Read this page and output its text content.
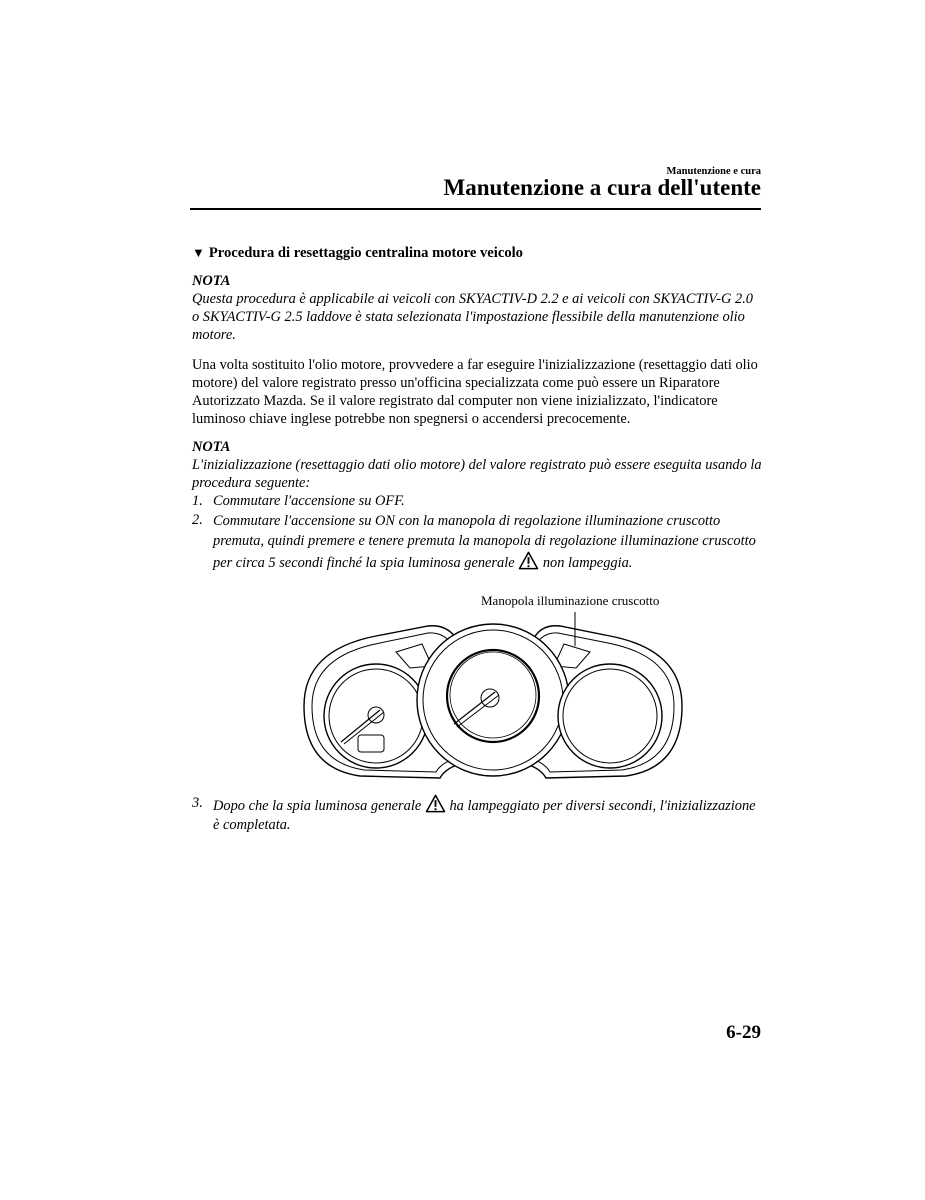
Manutenzione e cura
Manutenzione a cura dell'utente
▼ Procedura di resettaggio centralina motore veicolo
NOTA
Questa procedura è applicabile ai veicoli con SKYACTIV-D 2.2 e ai veicoli con SKYACTIV-G 2.0 o SKYACTIV-G 2.5 laddove è stata selezionata l'impostazione flessibile della manutenzione olio motore.
Una volta sostituito l'olio motore, provvedere a far eseguire l'inizializzazione (resettaggio dati olio motore) del valore registrato presso un'officina specializzata come può essere un Riparatore Autorizzato Mazda. Se il valore registrato dal computer non viene inizializzato, l'indicatore luminoso chiave inglese potrebbe non spegnersi o accendersi precocemente.
NOTA
L'inizializzazione (resettaggio dati olio motore) del valore registrato può essere eseguita usando la procedura seguente:
1. Commutare l'accensione su OFF.
2. Commutare l'accensione su ON con la manopola di regolazione illuminazione cruscotto premuta, quindi premere e tenere premuta la manopola di regolazione illuminazione cruscotto per circa 5 secondi finché la spia luminosa generale non lampeggia.
Manopola illuminazione cruscotto
3. Dopo che la spia luminosa generale ha lampeggiato per diversi secondi, l'inizializzazione è completata.
6-29
